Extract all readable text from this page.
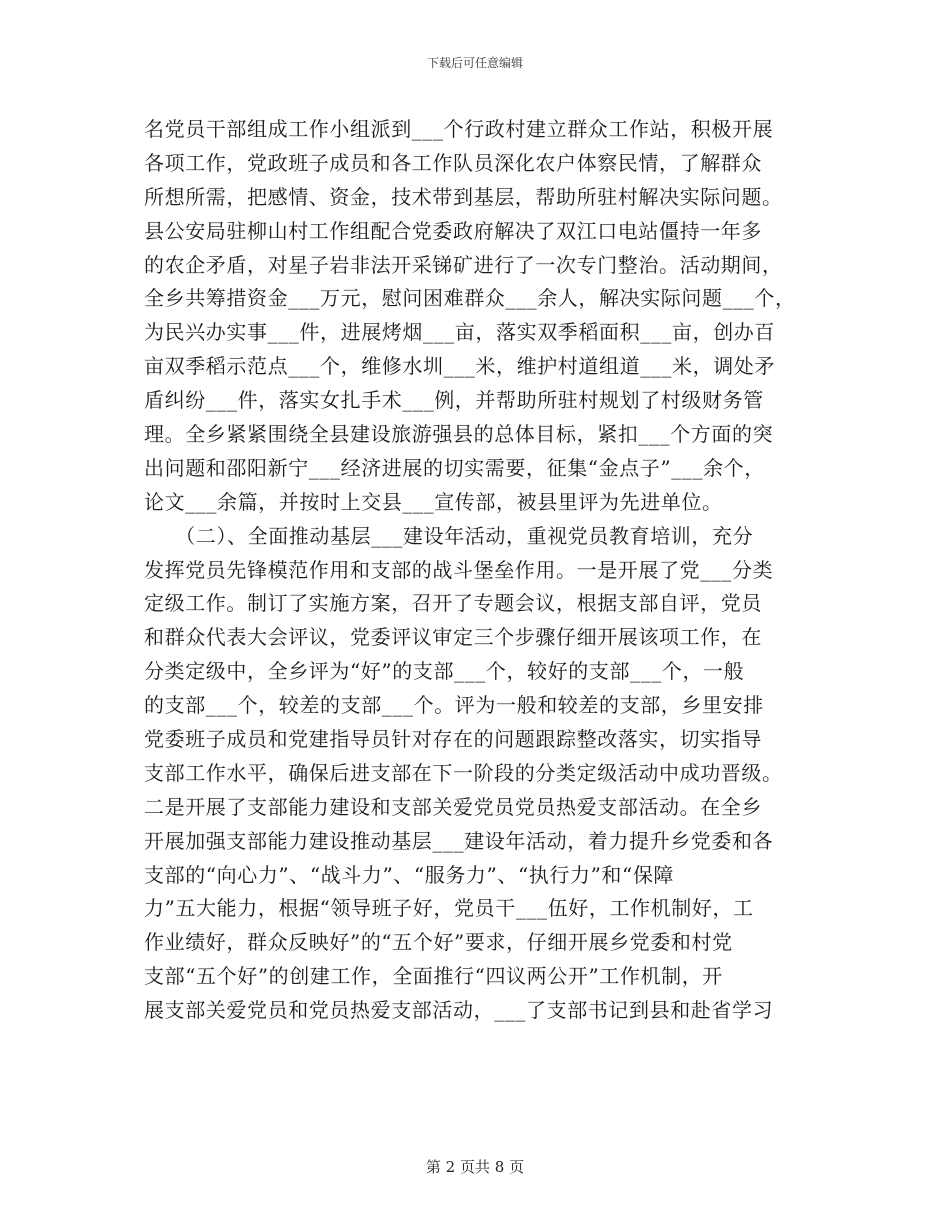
下载后可任意编辑
名党员干部组成工作小组派到___个行政村建立群众工作站，积极开展
各项工作，党政班子成员和各工作队员深化农户体察民情，了解群众
所想所需，把感情、资金，技术带到基层，帮助所驻村解决实际问题。
县公安局驻柳山村工作组配合党委政府解决了双江口电站僵持一年多
的农企矛盾，对星子岩非法开采锑矿进行了一次专门整治。活动期间，
全乡共筹措资金___万元，慰问困难群众___余人，解决实际问题___个，
为民兴办实事___件，进展烤烟___亩，落实双季稻面积___亩，创办百
亩双季稻示范点___个，维修水圳___米，维护村道组道___米，调处矛
盾纠纷___件，落实女扎手术___例，并帮助所驻村规划了村级财务管
理。全乡紧紧围绕全县建设旅游强县的总体目标，紧扣___个方面的突
出问题和邵阳新宁___经济进展的切实需要，征集“金点子”___余个，
论文___余篇，并按时上交县___宣传部，被县里评为先进单位。
　　（二）、全面推动基层___建设年活动，重视党员教育培训，充分
发挥党员先锋模范作用和支部的战斗堡垒作用。一是开展了党___分类
定级工作。制订了实施方案，召开了专题会议，根据支部自评，党员
和群众代表大会评议，党委评议审定三个步骤仔细开展该项工作，在
分类定级中，全乡评为“好”的支部___个，较好的支部___个，一般
的支部___个，较差的支部___个。评为一般和较差的支部，乡里安排
党委班子成员和党建指导员针对存在的问题跟踪整改落实，切实指导
支部工作水平，确保后进支部在下一阶段的分类定级活动中成功晋级。
二是开展了支部能力建设和支部关爱党员党员热爱支部活动。在全乡
开展加强支部能力建设推动基层___建设年活动，着力提升乡党委和各
支部的“向心力”、“战斗力”、“服务力”、“执行力”和“保障
力”五大能力，根据“领导班子好，党员干___伍好，工作机制好，工
作业绩好，群众反映好”的“五个好”要求，仔细开展乡党委和村党
支部“五个好”的创建工作，全面推行“四议两公开”工作机制，开
展支部关爱党员和党员热爱支部活动，___了支部书记到县和赴省学习
第 2 页共 8 页
